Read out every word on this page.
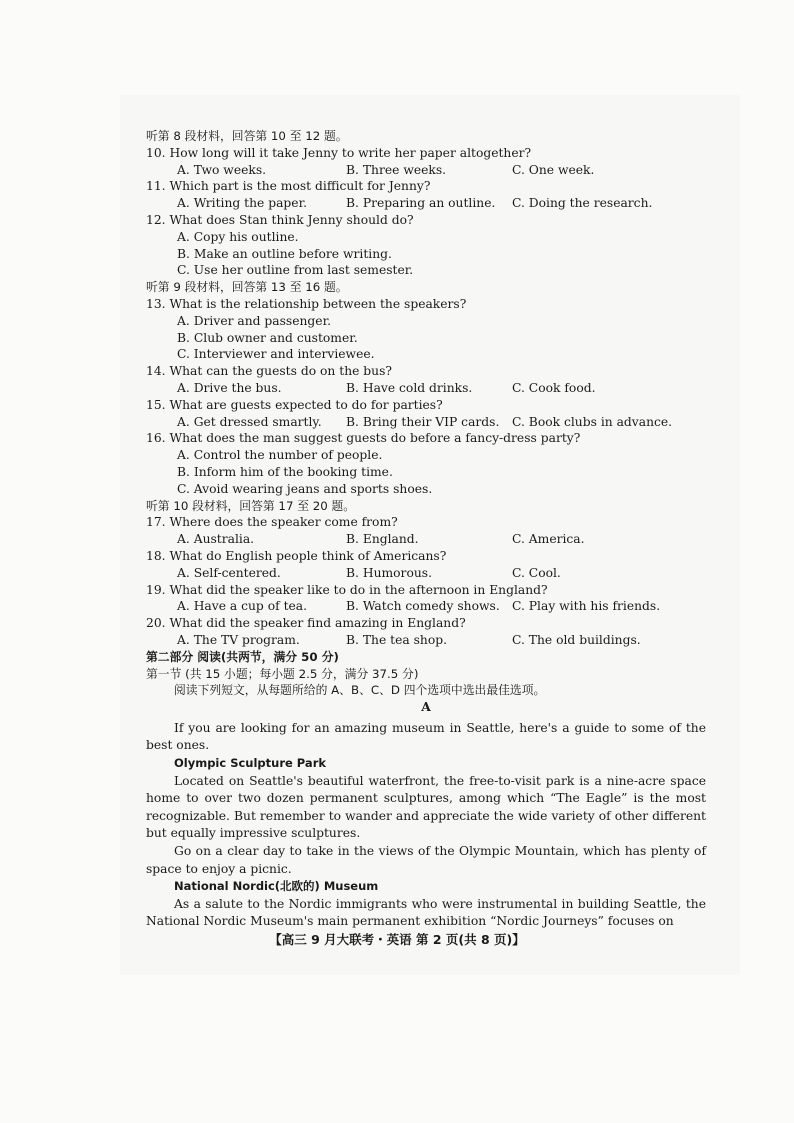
听第 8 段材料，回答第 10 至 12 题。
10. How long will it take Jenny to write her paper altogether?
A. Two weeks.	B. Three weeks.	C. One week.
11. Which part is the most difficult for Jenny?
A. Writing the paper.	B. Preparing an outline. C. Doing the research.
12. What does Stan think Jenny should do?
A. Copy his outline.
B. Make an outline before writing.
C. Use her outline from last semester.
听第 9 段材料，回答第 13 至 16 题。
13. What is the relationship between the speakers?
A. Driver and passenger.
B. Club owner and customer.
C. Interviewer and interviewee.
14. What can the guests do on the bus?
A. Drive the bus.	B. Have cold drinks.	C. Cook food.
15. What are guests expected to do for parties?
A. Get dressed smartly. B. Bring their VIP cards. C. Book clubs in advance.
16. What does the man suggest guests do before a fancy-dress party?
A. Control the number of people.
B. Inform him of the booking time.
C. Avoid wearing jeans and sports shoes.
听第 10 段材料，回答第 17 至 20 题。
17. Where does the speaker come from?
A. Australia.	B. England.	C. America.
18. What do English people think of Americans?
A. Self-centered.	B. Humorous.	C. Cool.
19. What did the speaker like to do in the afternoon in England?
A. Have a cup of tea.	B. Watch comedy shows. C. Play with his friends.
20. What did the speaker find amazing in England?
A. The TV program.	B. The tea shop.	C. The old buildings.
第二部分 阅读(共两节，满分 50 分)
第一节 (共 15 小题；每小题 2.5 分，满分 37.5 分)
阅读下列短文，从每题所给的 A、B、C、D 四个选项中选出最佳选项。
A

If you are looking for an amazing museum in Seattle, here's a guide to some of the best ones.

Olympic Sculpture Park

Located on Seattle's beautiful waterfront, the free-to-visit park is a nine-acre space home to over two dozen permanent sculptures, among which “The Eagle” is the most recognizable. But remember to wander and appreciate the wide variety of other different but equally impressive sculptures.

Go on a clear day to take in the views of the Olympic Mountain, which has plenty of space to enjoy a picnic.

National Nordic(北欧的) Museum

As a salute to the Nordic immigrants who were instrumental in building Seattle, the National Nordic Museum's main permanent exhibition “Nordic Journeys” focuses on

【高三 9 月大联考・英语 第 2 页(共 8 页)】
